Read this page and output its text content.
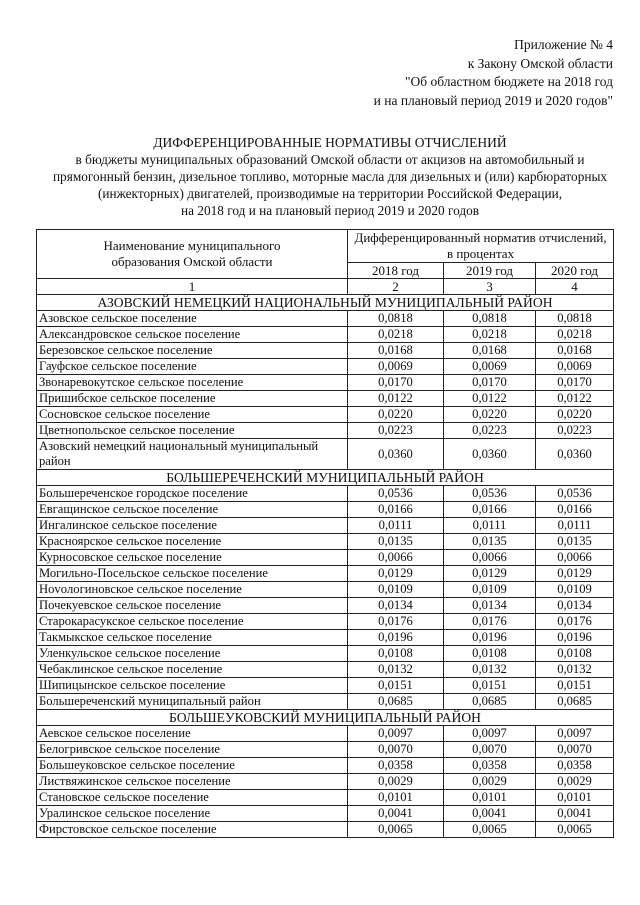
Приложение № 4
к Закону Омской области
"Об областном бюджете на 2018 год
и на плановый период 2019 и 2020 годов"
ДИФФЕРЕНЦИРОВАННЫЕ НОРМАТИВЫ ОТЧИСЛЕНИЙ
в бюджеты муниципальных образований Омской области от акцизов на автомобильный и
прямогонный бензин, дизельное топливо, моторные масла для дизельных и (или) карбюраторных
(инжекторных) двигателей, производимые на территории Российской Федерации,
на 2018 год и на плановый период 2019 и 2020 годов
Наименование муниципального образования Омской области	Дифференцированный норматив отчислений, в процентах		
	2018 год	2019 год	2020 год
1	2	3	4
АЗОВСКИЙ НЕМЕЦКИЙ НАЦИОНАЛЬНЫЙ МУНИЦИПАЛЬНЫЙ РАЙОН			
Азовское сельское поселение	0,0818	0,0818	0,0818
Александровское сельское поселение	0,0218	0,0218	0,0218
Березовское сельское поселение	0,0168	0,0168	0,0168
Гауфское сельское поселение	0,0069	0,0069	0,0069
Звонаревокутское сельское поселение	0,0170	0,0170	0,0170
Пришибское сельское поселение	0,0122	0,0122	0,0122
Сосновское сельское поселение	0,0220	0,0220	0,0220
Цветнопольское сельское поселение	0,0223	0,0223	0,0223
Азовский немецкий национальный муниципальный район	0,0360	0,0360	0,0360
БОЛЬШЕРЕЧЕНСКИЙ МУНИЦИПАЛЬНЫЙ РАЙОН			
Большереченское городское поселение	0,0536	0,0536	0,0536
Евгащинское сельское поселение	0,0166	0,0166	0,0166
Ингалинское сельское поселение	0,0111	0,0111	0,0111
Красноярское сельское поселение	0,0135	0,0135	0,0135
Курносовское сельское поселение	0,0066	0,0066	0,0066
Могильно-Посельское сельское поселение	0,0129	0,0129	0,0129
Нovoлогиновское сельское поселение	0,0109	0,0109	0,0109
Почекуевское сельское поселение	0,0134	0,0134	0,0134
Старокарасукское сельское поселение	0,0176	0,0176	0,0176
Такмыкское сельское поселение	0,0196	0,0196	0,0196
Уленкульское сельское поселение	0,0108	0,0108	0,0108
Чебаклинское сельское поселение	0,0132	0,0132	0,0132
Шипицынское сельское поселение	0,0151	0,0151	0,0151
Большереченский муниципальный район	0,0685	0,0685	0,0685
БОЛЬШЕУКОВСКИЙ МУНИЦИПАЛЬНЫЙ РАЙОН			
Аевское сельское поселение	0,0097	0,0097	0,0097
Белогривское сельское поселение	0,0070	0,0070	0,0070
Большеуковское сельское поселение	0,0358	0,0358	0,0358
Листвяжинское сельское поселение	0,0029	0,0029	0,0029
Становское сельское поселение	0,0101	0,0101	0,0101
Уралинское сельское поселение	0,0041	0,0041	0,0041
Фирстовское сельское поселение	0,0065	0,0065	0,0065
